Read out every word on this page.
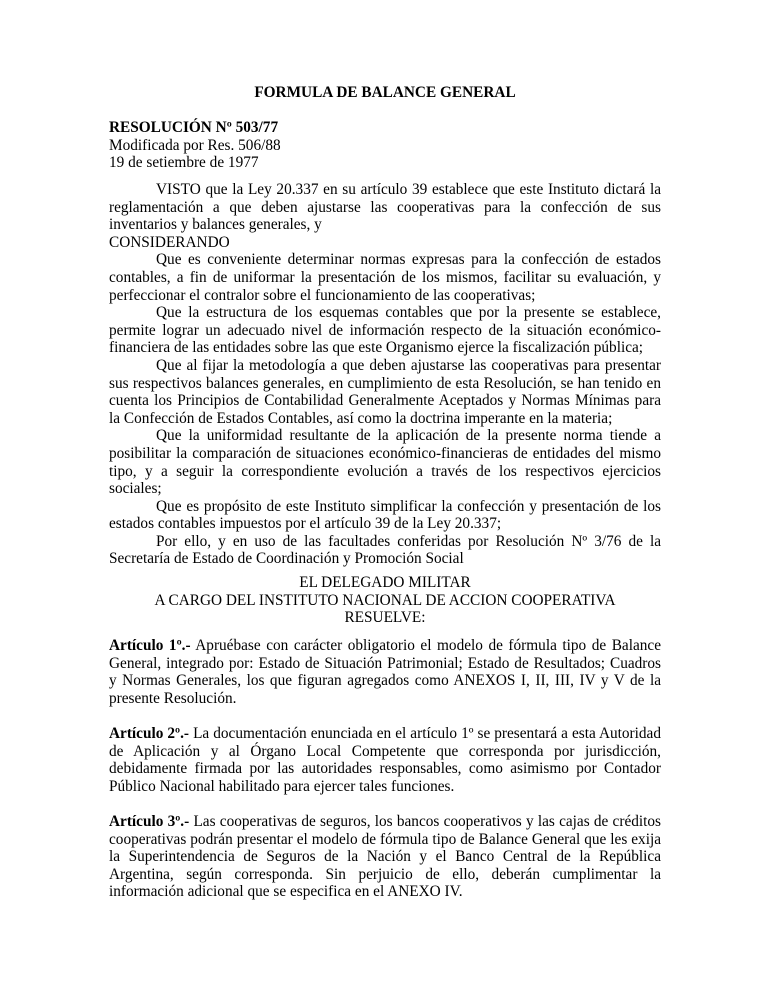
FORMULA DE BALANCE GENERAL
RESOLUCIÓN Nº 503/77
Modificada por Res. 506/88
19 de setiembre de 1977

VISTO que la Ley 20.337 en su artículo 39 establece que este Instituto dictará la reglamentación a que deben ajustarse las cooperativas para la confección de sus inventarios y balances generales, y

CONSIDERANDO

Que es conveniente determinar normas expresas para la confección de estados contables, a fin de uniformar la presentación de los mismos, facilitar su evaluación, y perfeccionar el contralor sobre el funcionamiento de las cooperativas;

Que la estructura de los esquemas contables que por la presente se establece, permite lograr un adecuado nivel de información respecto de la situación económico-financiera de las entidades sobre las que este Organismo ejerce la fiscalización pública;

Que al fijar la metodología a que deben ajustarse las cooperativas para presentar sus respectivos balances generales, en cumplimiento de esta Resolución, se han tenido en cuenta los Principios de Contabilidad Generalmente Aceptados y Normas Mínimas para la Confección de Estados Contables, así como la doctrina imperante en la materia;

Que la uniformidad resultante de la aplicación de la presente norma tiende a posibilitar la comparación de situaciones económico-financieras de entidades del mismo tipo, y a seguir la correspondiente evolución a través de los respectivos ejercicios sociales;

Que es propósito de este Instituto simplificar la confección y presentación de los estados contables impuestos por el artículo 39 de la Ley 20.337;

Por ello, y en uso de las facultades conferidas por Resolución Nº 3/76 de la Secretaría de Estado de Coordinación y Promoción Social

EL DELEGADO MILITAR
A CARGO DEL INSTITUTO NACIONAL DE ACCION COOPERATIVA
RESUELVE:

Artículo 1º.- Apruébase con carácter obligatorio el modelo de fórmula tipo de Balance General, integrado por: Estado de Situación Patrimonial; Estado de Resultados; Cuadros y Normas Generales, los que figuran agregados como ANEXOS I, II, III, IV y V de la presente Resolución.

Artículo 2º.- La documentación enunciada en el artículo 1º se presentará a esta Autoridad de Aplicación y al Órgano Local Competente que corresponda por jurisdicción, debidamente firmada por las autoridades responsables, como asimismo por Contador Público Nacional habilitado para ejercer tales funciones.

Artículo 3º.- Las cooperativas de seguros, los bancos cooperativos y las cajas de créditos cooperativas podrán presentar el modelo de fórmula tipo de Balance General que les exija la Superintendencia de Seguros de la Nación y el Banco Central de la República Argentina, según corresponda. Sin perjuicio de ello, deberán cumplimentar la información adicional que se especifica en el ANEXO IV.
